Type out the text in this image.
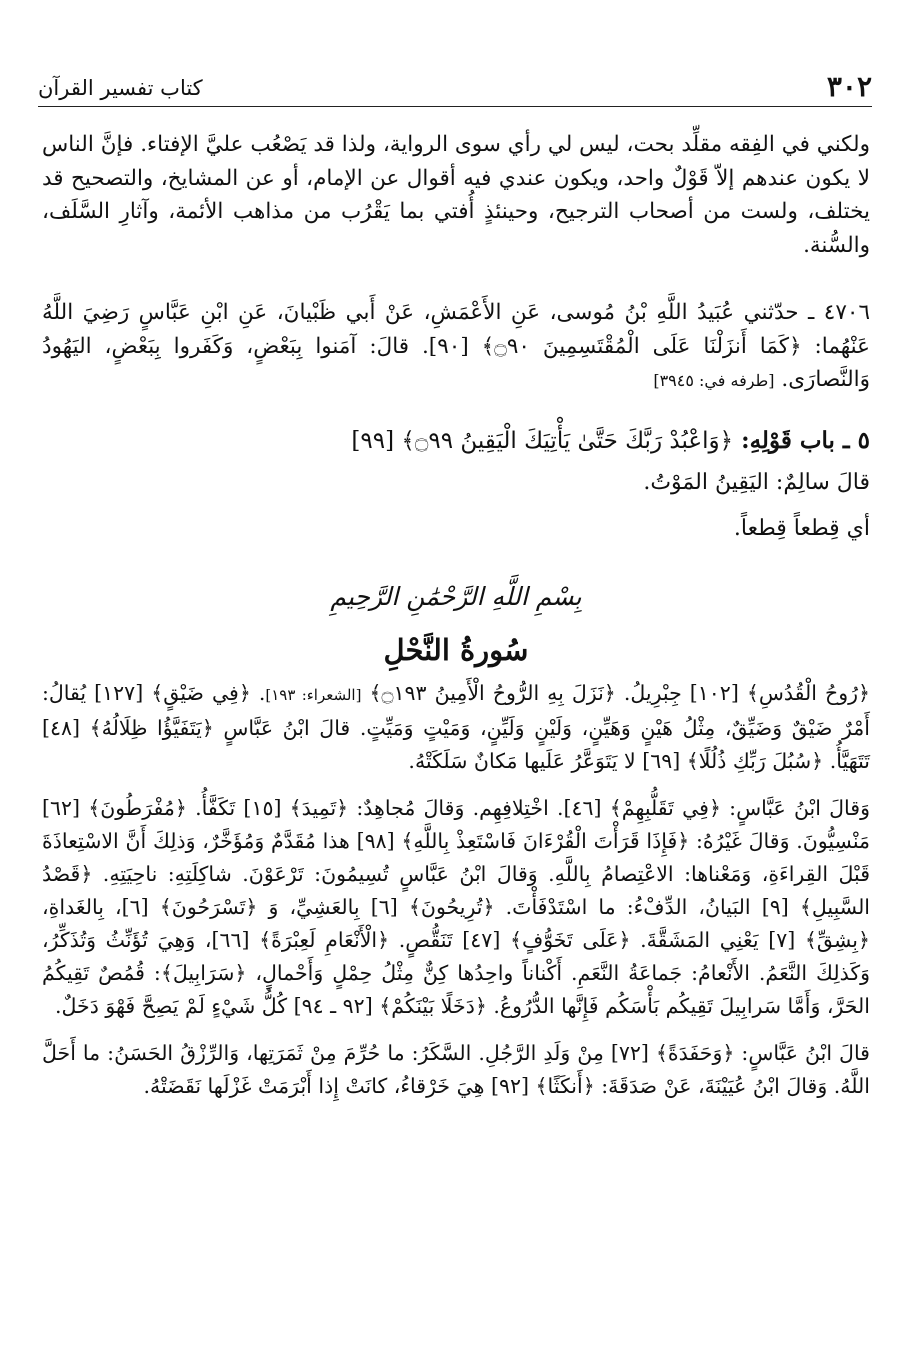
٣٠٢
كتاب تفسير القرآن

ولكني في الفِقه مقلِّد بحت، ليس لي رأي سوى الرواية، ولذا قد يَصْعُب عليَّ الإفتاء. فإنَّ الناس لا يكون عندهم إلاّ قَوْلٌ واحد، ويكون عندي فيه أقوال عن الإمام، أو عن المشايخ، والتصحيح قد يختلف، ولست من أصحاب الترجيح، وحينئذٍ أُفتي بما يَقْرُب من مذاهب الأئمة، وآثارِ السَّلَف، والسُّنة.

٤٧٠٦ ـ حدّثني عُبَيدُ اللَّهِ بْنُ مُوسى، عَنِ الأَعْمَشِ، عَنْ أَبي ظَبْيانَ، عَنِ ابْنِ عَبَّاسٍ رَضِيَ اللَّهُ عَنْهُما: ﴿كَمَا أَنزَلْنَا عَلَى الْمُقْتَسِمِينَ ۝٩٠﴾ [٩٠]. قالَ: آمَنوا بِبَعْضٍ، وَكَفَروا بِبَعْضٍ، اليَهُودُ وَالنَّصارَى. [طرفه في: ٣٩٤٥]

٥ ـ باب قَوْلِهِ: ﴿وَاعْبُدْ رَبَّكَ حَتَّىٰ يَأْتِيَكَ الْيَقِينُ ۝٩٩﴾ [٩٩]

قالَ سالِمٌ: اليَقِينُ المَوْتُ.

أي قِطعاً قِطعاً.

بِسْمِ اللَّهِ الرَّحْمَٰنِ الرَّحِيمِ

سُورةُ النَّحْلِ

﴿رُوحُ الْقُدُسِ﴾ [١٠٢] جِبْرِيلُ. ﴿نَزَلَ بِهِ الرُّوحُ الْأَمِينُ ۝١٩٣﴾ [الشعراء: ١٩٣]. ﴿فِي ضَيْقٍ﴾ [١٢٧] يُقالُ: أَمْرٌ ضَيْقٌ وَضَيِّقٌ، مِثْلُ هَيْنٍ وَهَيِّنٍ، وَلَيْنٍ وَلَيِّنٍ، وَمَيْتٍ وَمَيِّتٍ. قالَ ابْنُ عَبَّاسٍ ﴿يَتَفَيَّؤُا ظِلَالُهُ﴾ [٤٨] تَتَهَيَّأُ. ﴿سُبُلَ رَبِّكِ ذُلُلًا﴾ [٦٩] لا يَتَوَعَّرُ عَلَيها مَكانٌ سَلَكَتْهُ.

وَقالَ ابْنُ عَبَّاسٍ: ﴿فِي تَقَلُّبِهِمْ﴾ [٤٦]. اخْتِلافِهِم. وَقالَ مُجاهِدٌ: ﴿تَمِيدَ﴾ [١٥] تَكَفَّأُ. ﴿مُفْرَطُونَ﴾ [٦٢] مَنْسِيُّونَ. وَقالَ غَيْرُهُ: ﴿فَإِذَا قَرَأْتَ الْقُرْءَانَ فَاسْتَعِذْ بِاللَّهِ﴾ [٩٨] هذا مُقَدَّمٌ وَمُؤَخَّرٌ، وَذلِكَ أَنَّ الاسْتِعاذَةَ قَبْلَ القِراءَةِ، وَمَعْناها: الاعْتِصامُ بِاللَّهِ. وَقالَ ابْنُ عَبَّاسٍ تُسِيمُونَ: تَرْعَوْنَ. شاكِلَتِهِ: ناحِيَتِهِ. ﴿قَصْدُ السَّبِيلِ﴾ [٩] البَيانُ، الدِّفْءُ: ما اسْتَدْفَأْتَ. ﴿تُرِيحُونَ﴾ [٦] بِالعَشِيِّ، وَ ﴿تَسْرَحُونَ﴾ [٦]، بِالغَداةِ، ﴿بِشِقِّ﴾ [٧] يَعْنِي المَشَقَّةَ. ﴿عَلَى تَخَوُّفٍ﴾ [٤٧] تَنَقُّصٍ. ﴿الْأَنْعَامِ لَعِبْرَةً﴾ [٦٦]، وَهِيَ تُؤَنِّثُ وَتُذَكِّرُ، وَكَذلِكَ النَّعَمُ. الأَنْعامُ: جَماعَةُ النَّعَمِ. أَكْناناً واحِدُها كِنٌّ مِثْلُ حِمْلٍ وَأَحْمالٍ، ﴿سَرَابِيلَ﴾: قُمُصٌ تَقِيكُمُ الحَرَّ، وَأَمَّا سَرابِيلَ تَقِيكُم بَأْسَكُم فَإِنَّها الدُّرُوعُ. ﴿دَخَلًا بَيْنَكُمْ﴾ [٩٢ ـ ٩٤] كُلُّ شَيْءٍ لَمْ يَصِحَّ فَهْوَ دَخَلٌ.

قالَ ابْنُ عَبَّاسٍ: ﴿وَحَفَدَةً﴾ [٧٢] مِنْ وَلَدِ الرَّجُلِ. السَّكَرُ: ما حُرِّمَ مِنْ ثَمَرَتِها، وَالرِّزْقُ الحَسَنُ: ما أَحَلَّ اللَّهُ. وَقالَ ابْنُ عُيَيْنَةَ، عَنْ صَدَقَةَ: ﴿أَنكَثًا﴾ [٩٢] هِيَ خَرْقاءُ، كانَتْ إِذا أَبْرَمَتْ غَزْلَها نَقَضَتْهُ.
